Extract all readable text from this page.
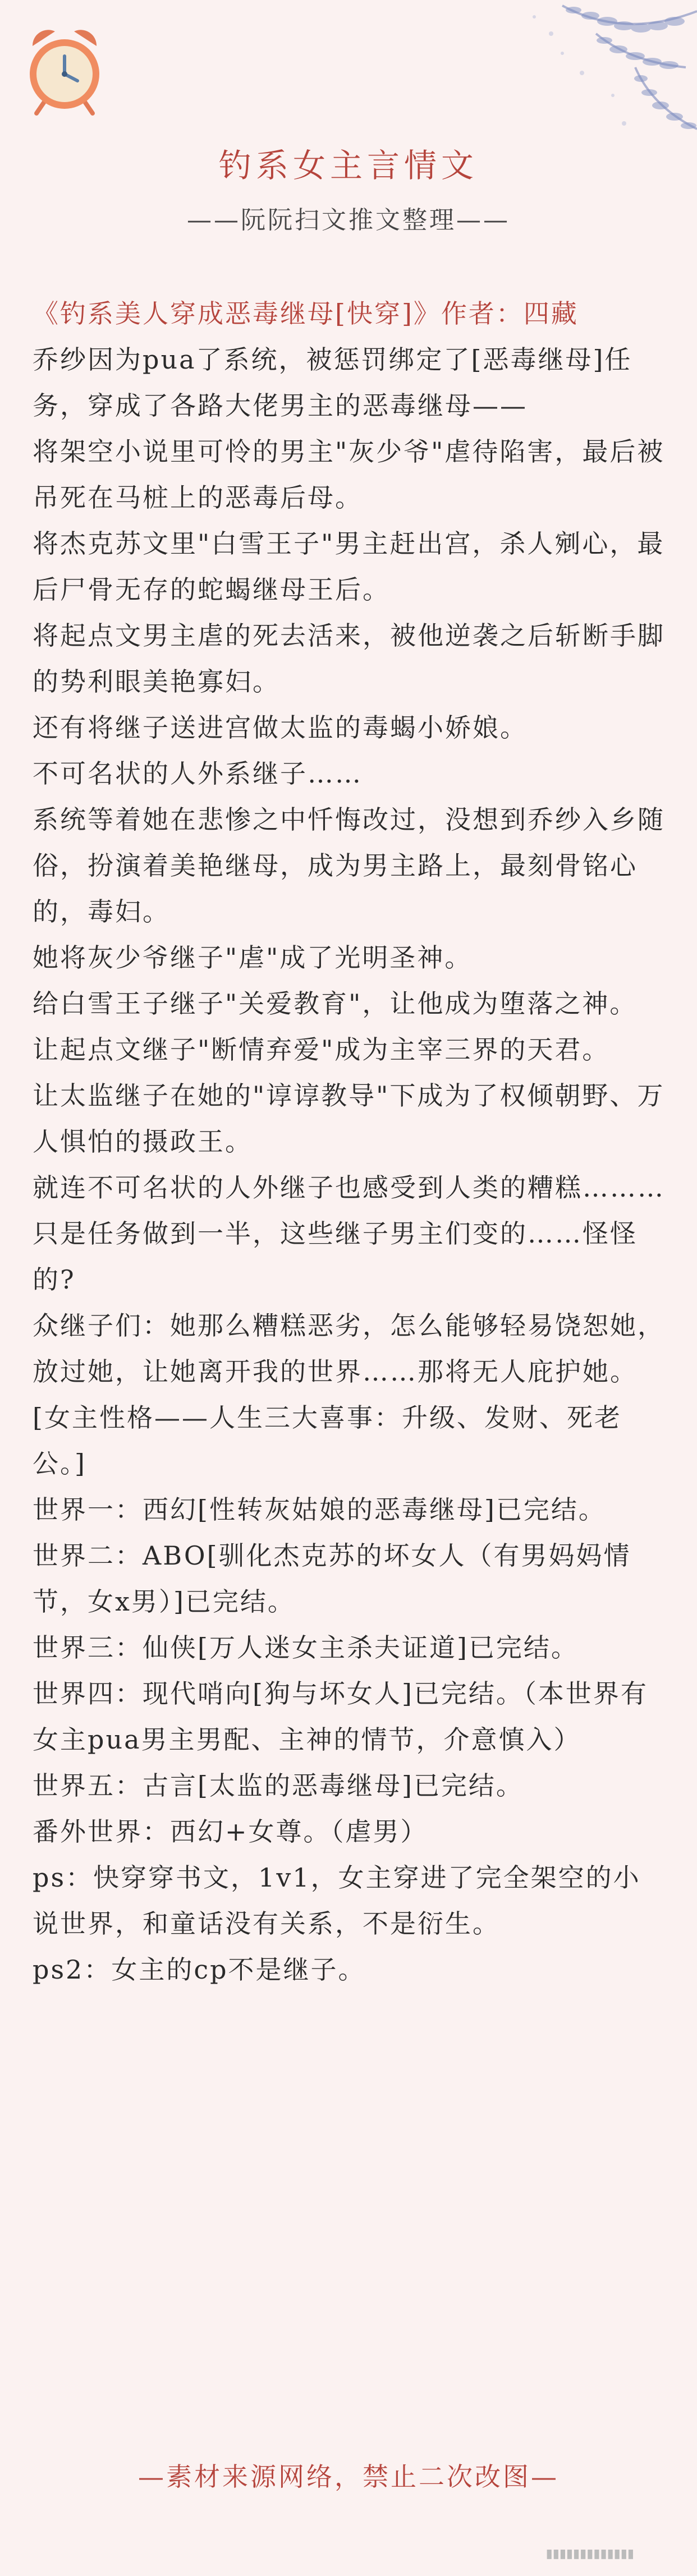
钓系女主言情文
——阮阮扫文推文整理——

《钓系美人穿成恶毒继母[快穿]》作者：四藏

乔纱因为pua了系统，被惩罚绑定了[恶毒继母]任务，穿成了各路大佬男主的恶毒继母——

将架空小说里可怜的男主"灰少爷"虐待陷害，最后被吊死在马桩上的恶毒后母。

将杰克苏文里"白雪王子"男主赶出宫，杀人剜心，最后尸骨无存的蛇蝎继母王后。

将起点文男主虐的死去活来，被他逆袭之后斩断手脚的势利眼美艳寡妇。

还有将继子送进宫做太监的毒蝎小娇娘。

不可名状的人外系继子……

系统等着她在悲惨之中忏悔改过，没想到乔纱入乡随俗，扮演着美艳继母，成为男主路上，最刻骨铭心的，毒妇。

她将灰少爷继子"虐"成了光明圣神。

给白雪王子继子"关爱教育"，让他成为堕落之神。

让起点文继子"断情弃爱"成为主宰三界的天君。

让太监继子在她的"谆谆教导"下成为了权倾朝野、万人惧怕的摄政王。

就连不可名状的人外继子也感受到人类的糟糕………

只是任务做到一半，这些继子男主们变的……怪怪的?

众继子们：她那么糟糕恶劣，怎么能够轻易饶恕她，放过她，让她离开我的世界……那将无人庇护她。

[女主性格——人生三大喜事：升级、发财、死老公。]

世界一：西幻[性转灰姑娘的恶毒继母]已完结。

世界二：ABO[驯化杰克苏的坏女人（有男妈妈情节，女x男）]已完结。

世界三：仙侠[万人迷女主杀夫证道]已完结。

世界四：现代哨向[狗与坏女人]已完结。（本世界有女主pua男主男配、主神的情节，介意慎入）

世界五：古言[太监的恶毒继母]已完结。

番外世界：西幻+女尊。（虐男）

ps：快穿穿书文，1v1，女主穿进了完全架空的小说世界，和童话没有关系，不是衍生。

ps2：女主的cp不是继子。

—素材来源网络，禁止二次改图—
▮▮▮▮▮▮▮▮▮▮▮▮▮
